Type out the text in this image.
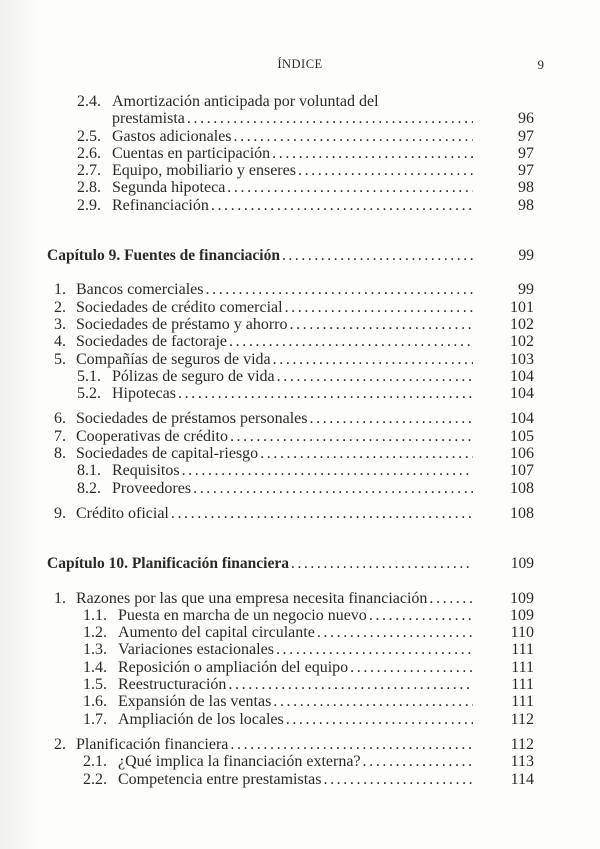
ÍNDICE	9
2.4. Amortización anticipada por voluntad del
prestamista .....	96
2.5. Gastos adicionales .....	97
2.6. Cuentas en participación .....	97
2.7. Equipo, mobiliario y enseres .....	97
2.8. Segunda hipoteca .....	98
2.9. Refinanciación .....	98
Capítulo 9. Fuentes de financiación .....	99
1. Bancos comerciales .....	99
2. Sociedades de crédito comercial .....	101
3. Sociedades de préstamo y ahorro .....	102
4. Sociedades de factoraje .....	102
5. Compañías de seguros de vida .....	103
5.1. Pólizas de seguro de vida .....	104
5.2. Hipotecas .....	104
6. Sociedades de préstamos personales .....	104
7. Cooperativas de crédito .....	105
8. Sociedades de capital-riesgo .....	106
8.1. Requisitos .....	107
8.2. Proveedores .....	108
9. Crédito oficial .....	108
Capítulo 10. Planificación financiera .....	109
1. Razones por las que una empresa necesita financiación .....	109
1.1. Puesta en marcha de un negocio nuevo .....	109
1.2. Aumento del capital circulante .....	110
1.3. Variaciones estacionales .....	111
1.4. Reposición o ampliación del equipo .....	111
1.5. Reestructuración .....	111
1.6. Expansión de las ventas .....	111
1.7. Ampliación de los locales .....	112
2. Planificación financiera .....	112
2.1. ¿Qué implica la financiación externa? .....	113
2.2. Competencia entre prestamistas .....	114
